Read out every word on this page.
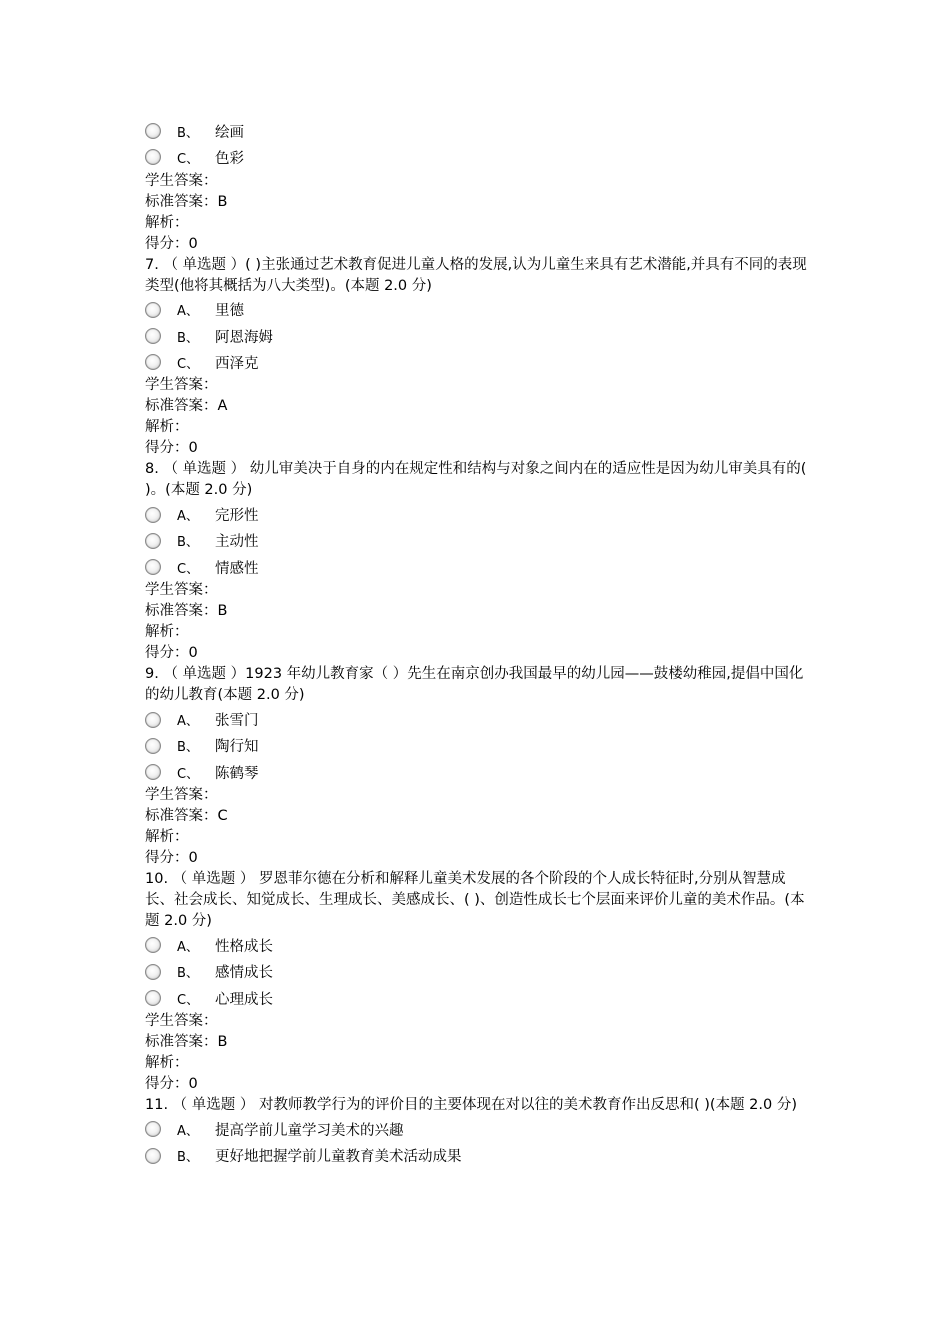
B、	绘画
C、	色彩
学生答案：
标准答案：B
解析：
得分：0
7. （ 单选题 ）( )主张通过艺术教育促进儿童人格的发展,认为儿童生来具有艺术潜能,并具有不同的表现类型(他将其概括为八大类型)。(本题 2.0 分)
A、	里德
B、	阿恩海姆
C、	西泽克
学生答案：
标准答案：A
解析：
得分：0
8. （ 单选题 ） 幼儿审美决于自身的内在规定性和结构与对象之间内在的适应性是因为幼儿审美具有的( )。(本题 2.0 分)
A、	完形性
B、	主动性
C、	情感性
学生答案：
标准答案：B
解析：
得分：0
9. （ 单选题 ）1923 年幼儿教育家（ ）先生在南京创办我国最早的幼儿园——鼓楼幼稚园,提倡中国化的幼儿教育(本题 2.0 分)
A、	张雪门
B、	陶行知
C、	陈鹤琴
学生答案：
标准答案：C
解析：
得分：0
10. （ 单选题 ） 罗恩菲尔德在分析和解释儿童美术发展的各个阶段的个人成长特征时,分别从智慧成长、社会成长、知觉成长、生理成长、美感成长、( )、创造性成长七个层面来评价儿童的美术作品。(本题 2.0 分)
A、	性格成长
B、	感情成长
C、	心理成长
学生答案：
标准答案：B
解析：
得分：0
11. （ 单选题 ） 对教师教学行为的评价目的主要体现在对以往的美术教育作出反思和( )(本题 2.0 分)
A、	提高学前儿童学习美术的兴趣
B、	更好地把握学前儿童教育美术活动成果
